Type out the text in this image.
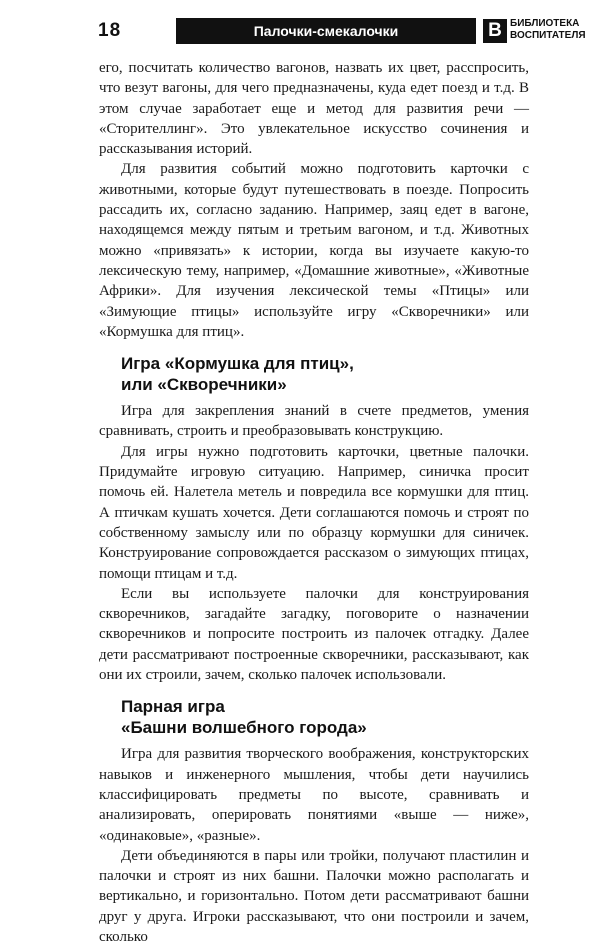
18	Палочки-смекалочки	B БИБЛИОТЕКА
ВОСПИТАТЕЛЯ

его, посчитать количество вагонов, назвать их цвет, расспросить, что везут вагоны, для чего предназначены, куда едет поезд и т.д. В этом случае заработает еще и метод для развития речи — «Сторителлинг». Это увлекательное искусство сочинения и рассказывания историй.

Для развития событий можно подготовить карточки с животными, которые будут путешествовать в поезде. Попросить рассадить их, согласно заданию. Например, заяц едет в вагоне, находящемся между пятым и третьим вагоном, и т.д. Животных можно «привязать» к истории, когда вы изучаете какую-то лексическую тему, например, «Домашние животные», «Животные Африки». Для изучения лексической темы «Птицы» или «Зимующие птицы» используйте игру «Скворечники» или «Кормушка для птиц».

Игра «Кормушка для птиц»,
или «Скворечники»

Игра для закрепления знаний в счете предметов, умения сравнивать, строить и преобразовывать конструкцию.

Для игры нужно подготовить карточки, цветные палочки. Придумайте игровую ситуацию. Например, синичка просит помочь ей. Налетела метель и повредила все кормушки для птиц. А птичкам кушать хочется. Дети соглашаются помочь и строят по собственному замыслу или по образцу кормушки для синичек. Конструирование сопровождается рассказом о зимующих птицах, помощи птицам и т.д.

Если вы используете палочки для конструирования скворечников, загадайте загадку, поговорите о назначении скворечников и попросите построить из палочек отгадку. Далее дети рассматривают построенные скворечники, рассказывают, как они их строили, зачем, сколько палочек использовали.

Парная игра
«Башни волшебного города»

Игра для развития творческого воображения, конструкторских навыков и инженерного мышления, чтобы дети научились классифицировать предметы по высоте, сравнивать и анализировать, оперировать понятиями «выше — ниже», «одинаковые», «разные».

Дети объединяются в пары или тройки, получают пластилин и палочки и строят из них башни. Палочки можно располагать и вертикально, и горизонтально. Потом дети рассматривают башни друг у друга. Игроки рассказывают, что они построили и зачем, сколько
